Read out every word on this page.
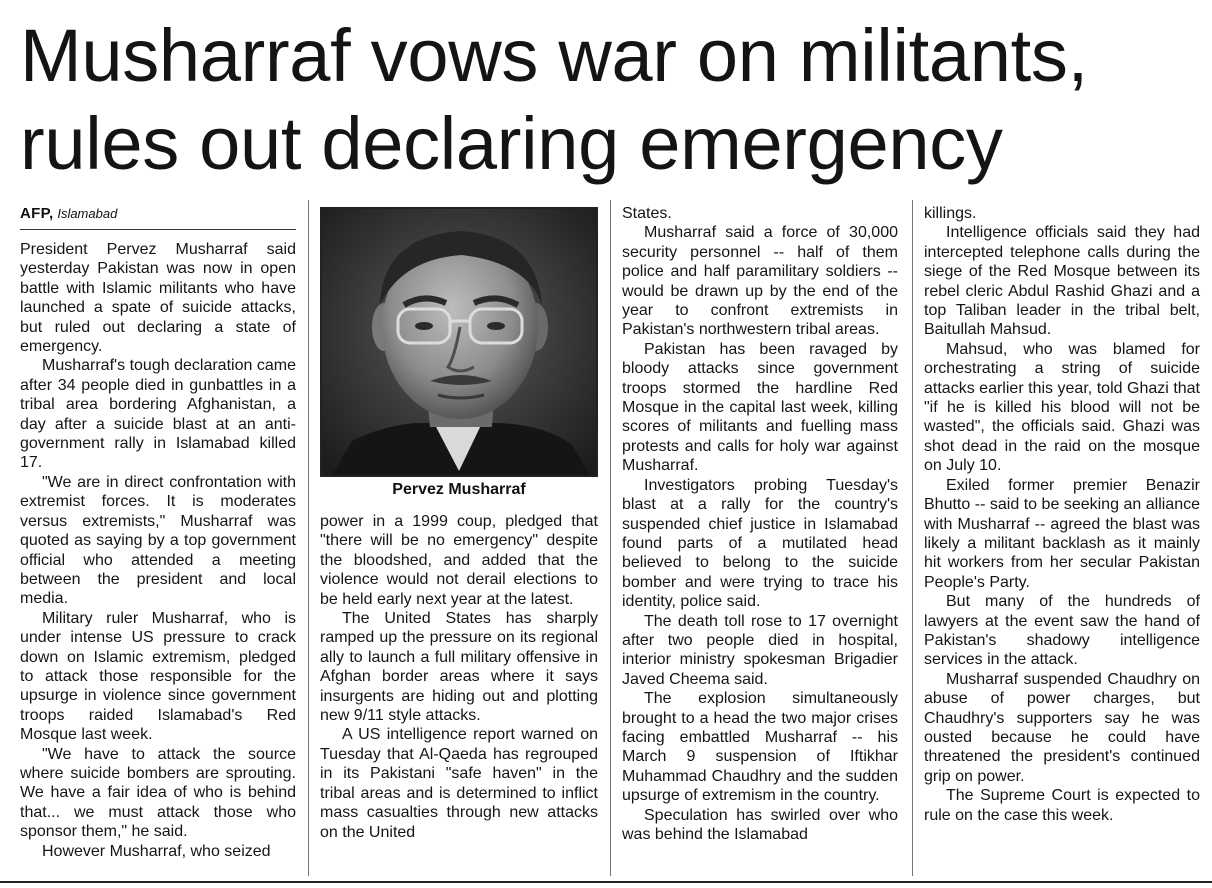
Musharraf vows war on militants,
rules out declaring emergency
AFP, Islamabad

President Pervez Musharraf said yesterday Pakistan was now in open battle with Islamic militants who have launched a spate of suicide attacks, but ruled out declaring a state of emergency.

Musharraf's tough declaration came after 34 people died in gunbattles in a tribal area bordering Afghanistan, a day after a suicide blast at an anti-government rally in Islamabad killed 17.

"We are in direct confrontation with extremist forces. It is moderates versus extremists," Musharraf was quoted as saying by a top government official who attended a meeting between the president and local media.

Military ruler Musharraf, who is under intense US pressure to crack down on Islamic extremism, pledged to attack those responsible for the upsurge in violence since government troops raided Islamabad's Red Mosque last week.

"We have to attack the source where suicide bombers are sprouting. We have a fair idea of who is behind that... we must attack those who sponsor them," he said.

However Musharraf, who seized

Pervez Musharraf

power in a 1999 coup, pledged that "there will be no emergency" despite the bloodshed, and added that the violence would not derail elections to be held early next year at the latest.

The United States has sharply ramped up the pressure on its regional ally to launch a full military offensive in Afghan border areas where it says insurgents are hiding out and plotting new 9/11 style attacks.

A US intelligence report warned on Tuesday that Al-Qaeda has regrouped in its Pakistani "safe haven" in the tribal areas and is determined to inflict mass casualties through new attacks on the United

States.

Musharraf said a force of 30,000 security personnel -- half of them police and half paramilitary soldiers -- would be drawn up by the end of the year to confront extremists in Pakistan's northwestern tribal areas.

Pakistan has been ravaged by bloody attacks since government troops stormed the hardline Red Mosque in the capital last week, killing scores of militants and fuelling mass protests and calls for holy war against Musharraf.

Investigators probing Tuesday's blast at a rally for the country's suspended chief justice in Islamabad found parts of a mutilated head believed to belong to the suicide bomber and were trying to trace his identity, police said.

The death toll rose to 17 overnight after two people died in hospital, interior ministry spokesman Brigadier Javed Cheema said.

The explosion simultaneously brought to a head the two major crises facing embattled Musharraf -- his March 9 suspension of Iftikhar Muhammad Chaudhry and the sudden upsurge of extremism in the country.

Speculation has swirled over who was behind the Islamabad

killings.

Intelligence officials said they had intercepted telephone calls during the siege of the Red Mosque between its rebel cleric Abdul Rashid Ghazi and a top Taliban leader in the tribal belt, Baitullah Mahsud.

Mahsud, who was blamed for orchestrating a string of suicide attacks earlier this year, told Ghazi that "if he is killed his blood will not be wasted", the officials said. Ghazi was shot dead in the raid on the mosque on July 10.

Exiled former premier Benazir Bhutto -- said to be seeking an alliance with Musharraf -- agreed the blast was likely a militant backlash as it mainly hit workers from her secular Pakistan People's Party.

But many of the hundreds of lawyers at the event saw the hand of Pakistan's shadowy intelligence services in the attack.

Musharraf suspended Chaudhry on abuse of power charges, but Chaudhry's supporters say he was ousted because he could have threatened the president's continued grip on power.

The Supreme Court is expected to rule on the case this week.
